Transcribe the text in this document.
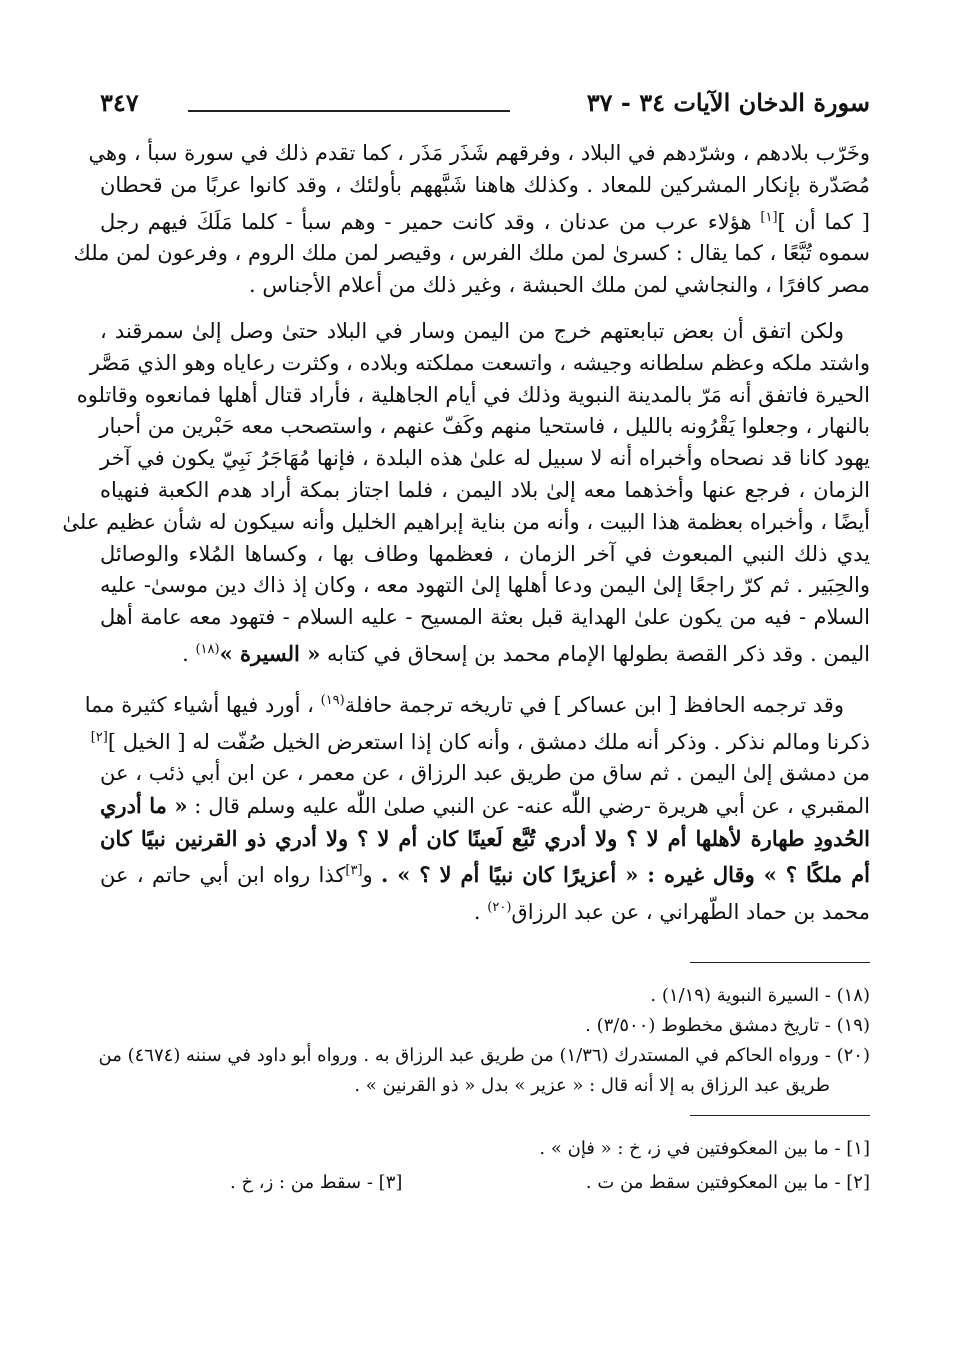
سورة الدخان الآيات ٣٤ - ٣٧
٣٤٧

وخَرّب بلادهم ، وشرّدهم في البلاد ، وفرقهم شَذَر مَذَر ، كما تقدم ذلك في سورة سبأ ، وهي
مُصَدّرة بإنكار المشركين للمعاد . وكذلك هاهنا شَبَّههم بأولئك ، وقد كانوا عربًا من قحطان
[ كما أن ][١] هؤلاء عرب من عدنان ، وقد كانت حمير - وهم سبأ - كلما مَلَكَ فيهم رجل
سموه تُبَّعًا ، كما يقال : كسرىٰ لمن ملك الفرس ، وقيصر لمن ملك الروم ، وفرعون لمن ملك
مصر كافرًا ، والنجاشي لمن ملك الحبشة ، وغير ذلك من أعلام الأجناس .

ولكن اتفق أن بعض تبابعتهم خرج من اليمن وسار في البلاد حتىٰ وصل إلىٰ سمرقند ،
واشتد ملكه وعظم سلطانه وجيشه ، واتسعت مملكته وبلاده ، وكثرت رعاياه وهو الذي مَصَّر
الحيرة فاتفق أنه مَرّ بالمدينة النبوية وذلك في أيام الجاهلية ، فأراد قتال أهلها فمانعوه وقاتلوه
بالنهار ، وجعلوا يَقْرُونه بالليل ، فاستحيا منهم وكَفّ عنهم ، واستصحب معه حَبْرين من أحبار
يهود كانا قد نصحاه وأخبراه أنه لا سبيل له علىٰ هذه البلدة ، فإنها مُهَاجَرُ نَبِيّ يكون في آخر
الزمان ، فرجع عنها وأخذهما معه إلىٰ بلاد اليمن ، فلما اجتاز بمكة أراد هدم الكعبة فنهياه
أيضًا ، وأخبراه بعظمة هذا البيت ، وأنه من بناية إبراهيم الخليل وأنه سيكون له شأن عظيم علىٰ
يدي ذلك النبي المبعوث في آخر الزمان ، فعظمها وطاف بها ، وكساها المُلاء والوصائل
والحِبَير . ثم كرّ راجعًا إلىٰ اليمن ودعا أهلها إلىٰ التهود معه ، وكان إذ ذاك دين موسىٰ- عليه
السلام - فيه من يكون علىٰ الهداية قبل بعثة المسيح - عليه السلام - فتهود معه عامة أهل
اليمن . وقد ذكر القصة بطولها الإمام محمد بن إسحاق في كتابه « السيرة »$^{(١٨)}$ .

وقد ترجمه الحافظ [ ابن عساكر ] في تاريخه ترجمة حافلة$^{(١٩)}$ ، أورد فيها أشياء كثيرة مما
ذكرنا ومالم نذكر . وذكر أنه ملك دمشق ، وأنه كان إذا استعرض الخيل صُفّت له [ الخيل ][٢]
من دمشق إلىٰ اليمن . ثم ساق من طريق عبد الرزاق ، عن معمر ، عن ابن أبي ذئب ، عن
المقبري ، عن أبي هريرة -رضي اللّٰه عنه- عن النبي صلىٰ اللّٰه عليه وسلم قال : « ما أدري
الحُدودِ طهارة لأهلها أم لا ؟ ولا أدري تُبَّع لَعينًا كان أم لا ؟ ولا أدري ذو القرنين نبيًا كان
أم ملكًا ؟ » وقال غيره : « أعزيرًا كان نبيًا أم لا ؟ » . و[٣]كذا رواه ابن أبي حاتم ، عن
محمد بن حماد الطّهراني ، عن عبد الرزاق$^{(٢٠)}$ .

(١٨) - السيرة النبوية (١/١٩) .
(١٩) - تاريخ دمشق مخطوط (٣/٥٠٠) .
(٢٠) - ورواه الحاكم في المستدرك (١/٣٦) من طريق عبد الرزاق به . ورواه أبو داود في سننه (٤٦٧٤) من
طريق عبد الرزاق به إلا أنه قال : « عزير » بدل « ذو القرنين » .
[١] - ما بين المعكوفتين في ز، خ : « فإن » .
[٢] - ما بين المعكوفتين سقط من ت .
[٣] - سقط من : ز، خ .
